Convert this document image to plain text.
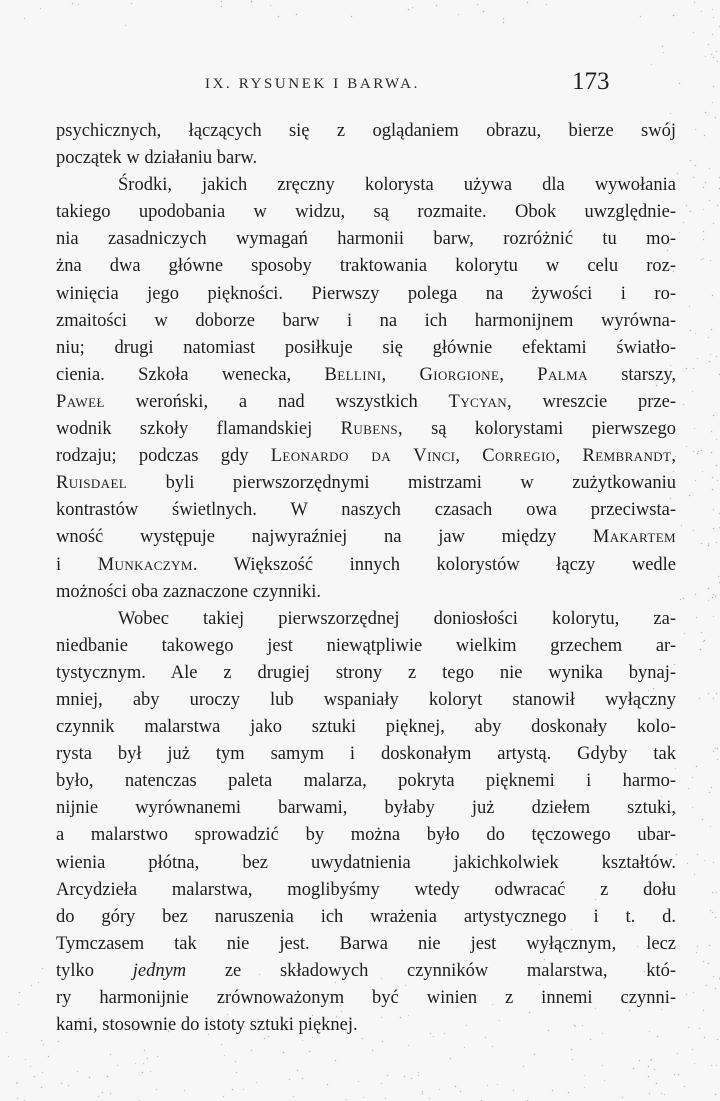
IX. RYSUNEK I BARWA.	173
psychicznych, łączących się z oglądaniem obrazu, bierze swój
początek w działaniu barw.
Środki, jakich zręczny kolorysta używa dla wywołania
takiego upodobania w widzu, są rozmaite. Obok uwzględnie-
nia zasadniczych wymagań harmonii barw, rozróżnić tu mo-
żna dwa główne sposoby traktowania kolorytu w celu roz-
winięcia jego piękności. Pierwszy polega na żywości i ro-
zmaitości w doborze barw i na ich harmonijnem wyrówna-
niu; drugi natomiast posiłkuje się głównie efektami światło-
cienia. Szkoła wenecka, Bellini, Giorgione, Palma starszy,
Paweł weroński, a nad wszystkich Tycyan, wreszcie prze-
wodnik szkoły flamandskiej Rubens, są kolorystami pierwszego
rodzaju; podczas gdy Leonardo da Vinci, Corregio, Rembrandt,
Ruisdael byli pierwszorzędnymi mistrzami w zużytkowaniu
kontrastów świetlnych. W naszych czasach owa przeciwsta-
wność występuje najwyraźniej na jaw między Makartem
i Munkaczym. Większość innych kolorystów łączy wedle
możności oba zaznaczone czynniki.
Wobec takiej pierwszorzędnej doniosłości kolorytu, za-
niedbanie takowego jest niewątpliwie wielkim grzechem ar-
tystycznym. Ale z drugiej strony z tego nie wynika bynaj-
mniej, aby uroczy lub wspaniały koloryt stanowił wyłączny
czynnik malarstwa jako sztuki pięknej, aby doskonały kolo-
rysta był już tym samym i doskonałym artystą. Gdyby tak
było, natenczas paleta malarza, pokryta pięknemi i harmo-
nijnie wyrównanemi barwami, byłaby już dziełem sztuki,
a malarstwo sprowadzić by można było do tęczowego ubar-
wienia płótna, bez uwydatnienia jakichkolwiek kształtów.
Arcydzieła malarstwa, moglibyśmy wtedy odwracać z dołu
do góry bez naruszenia ich wrażenia artystycznego i t. d.
Tymczasem tak nie jest. Barwa nie jest wyłącznym, lecz
tylko jednym ze składowych czynników malarstwa, któ-
ry harmonijnie zrównoważonym być winien z innemi czynni-
kami, stosownie do istoty sztuki pięknej.
